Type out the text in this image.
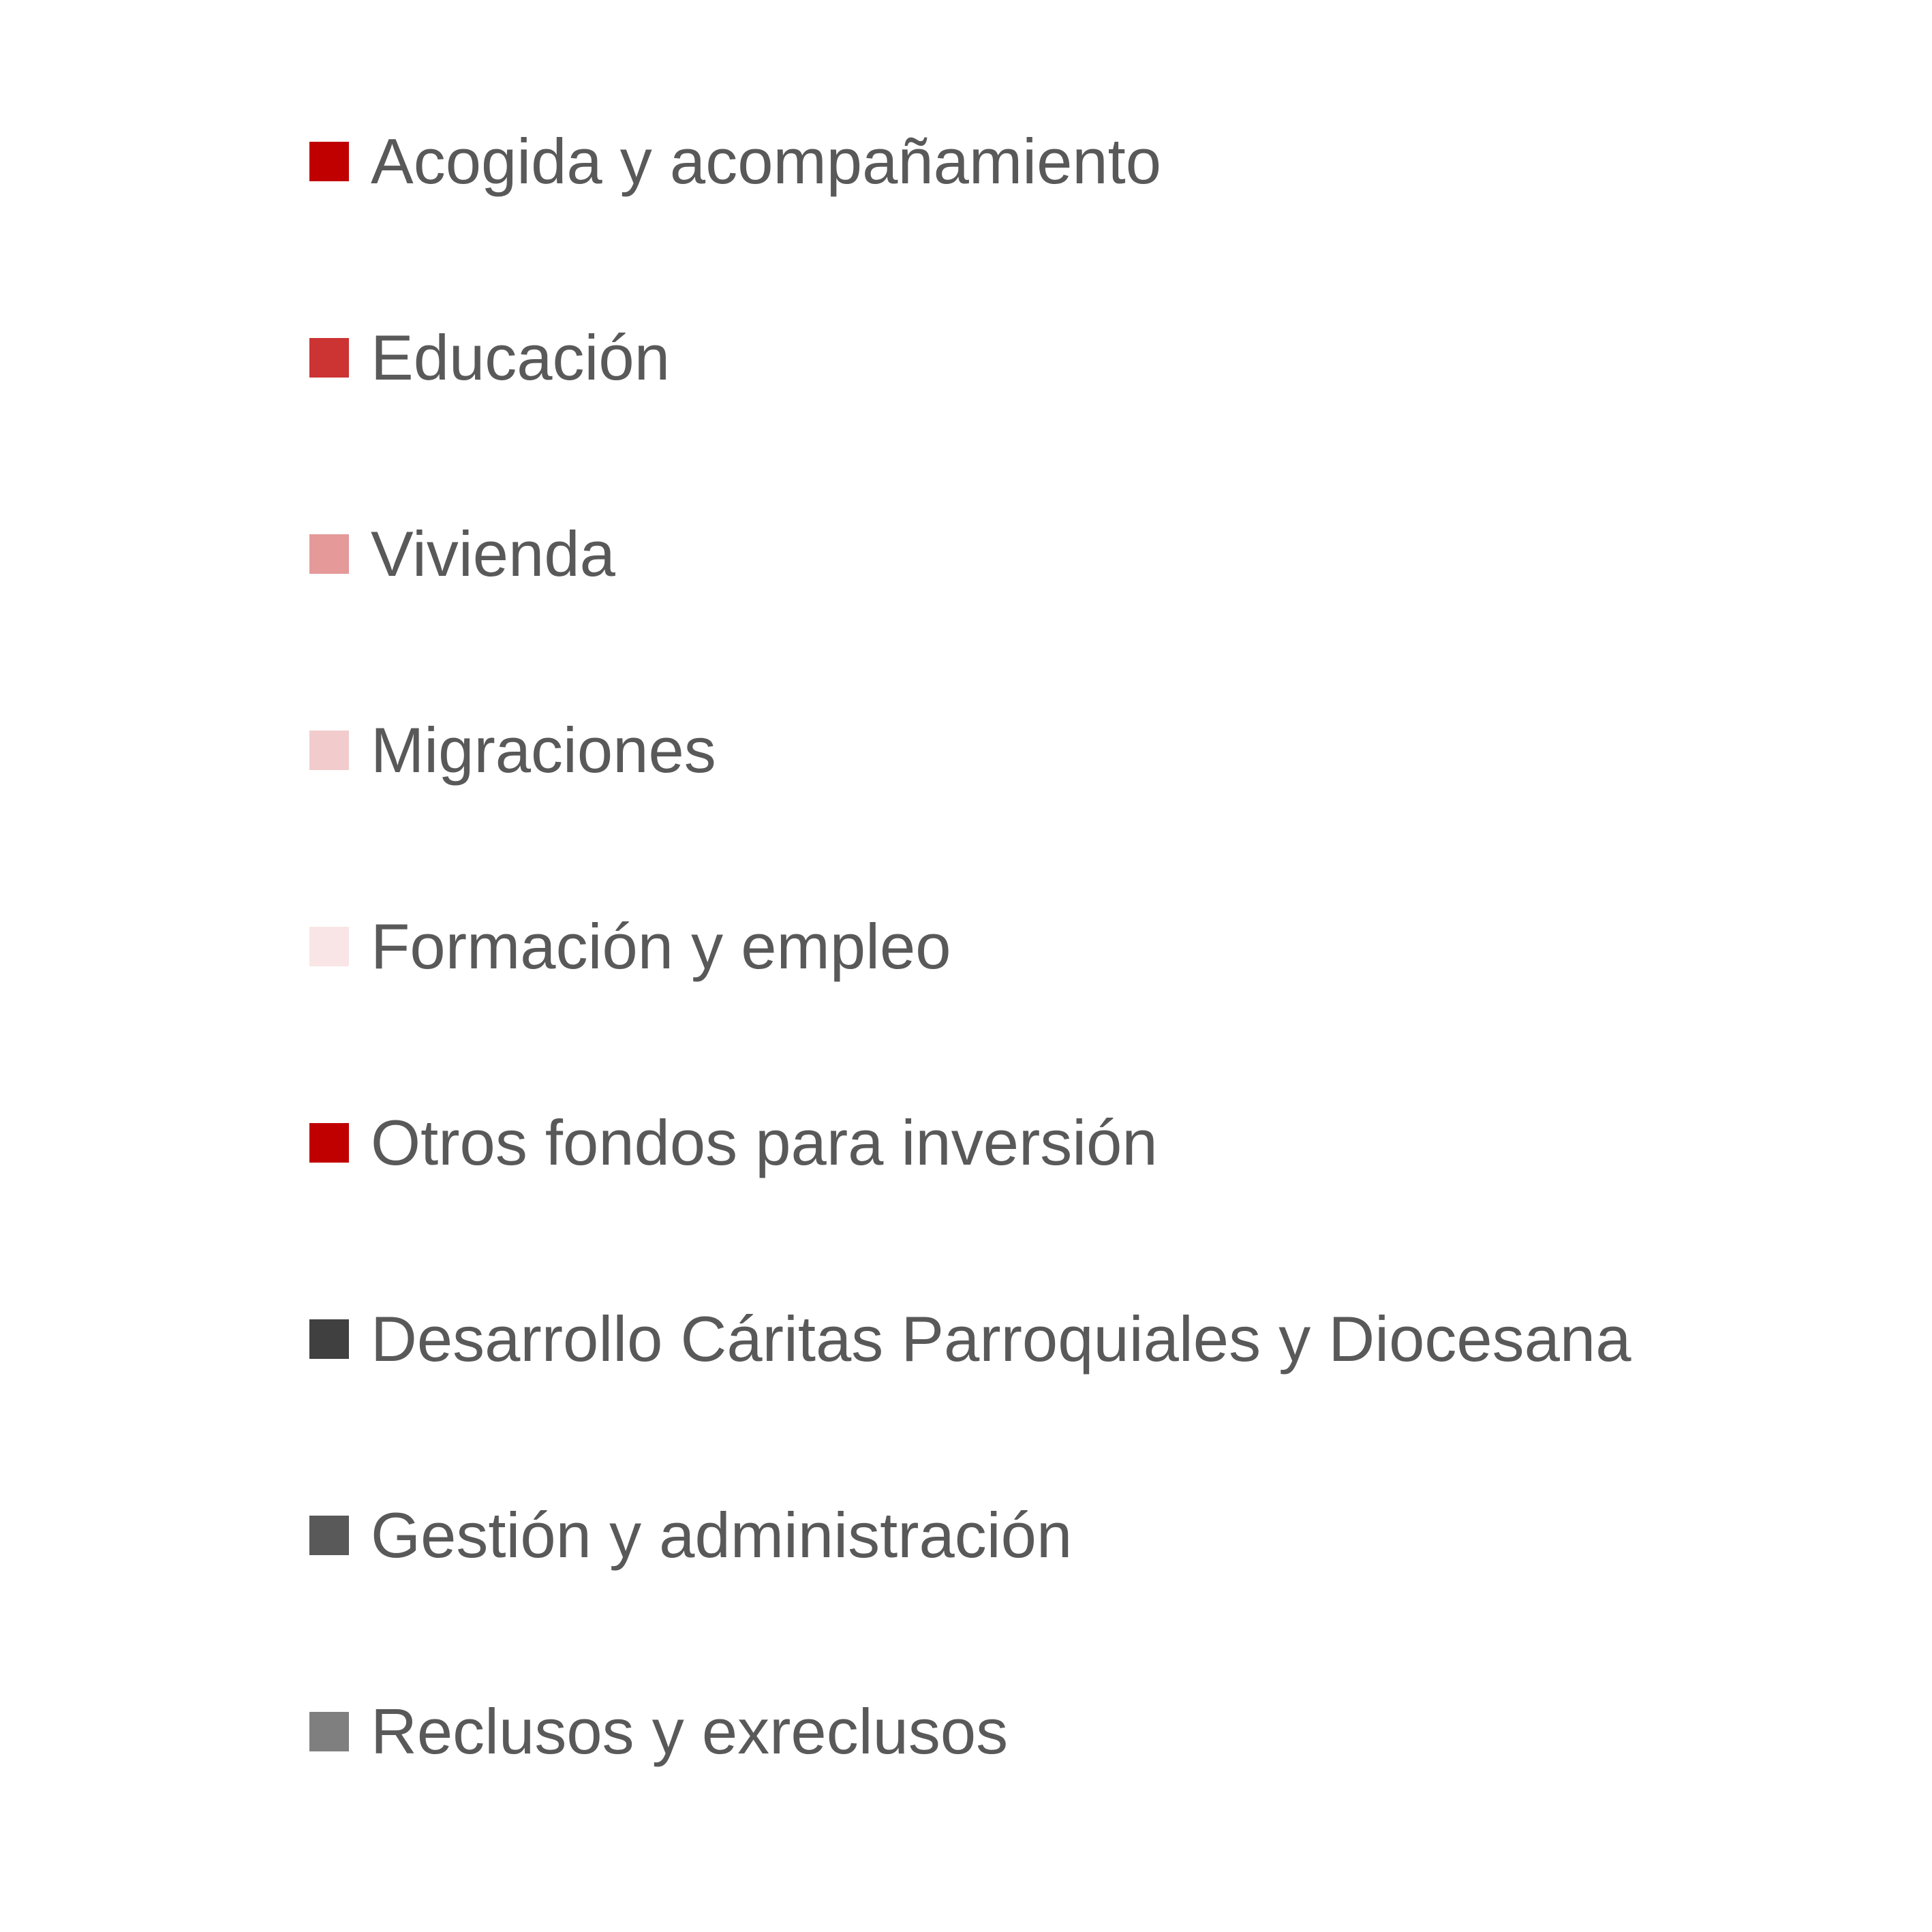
Acogida y acompañamiento
Educación
Vivienda
Migraciones
Formación y empleo
Otros fondos para inversión
Desarrollo Cáritas Parroquiales y Diocesana
Gestión y administración
Reclusos y exreclusos
